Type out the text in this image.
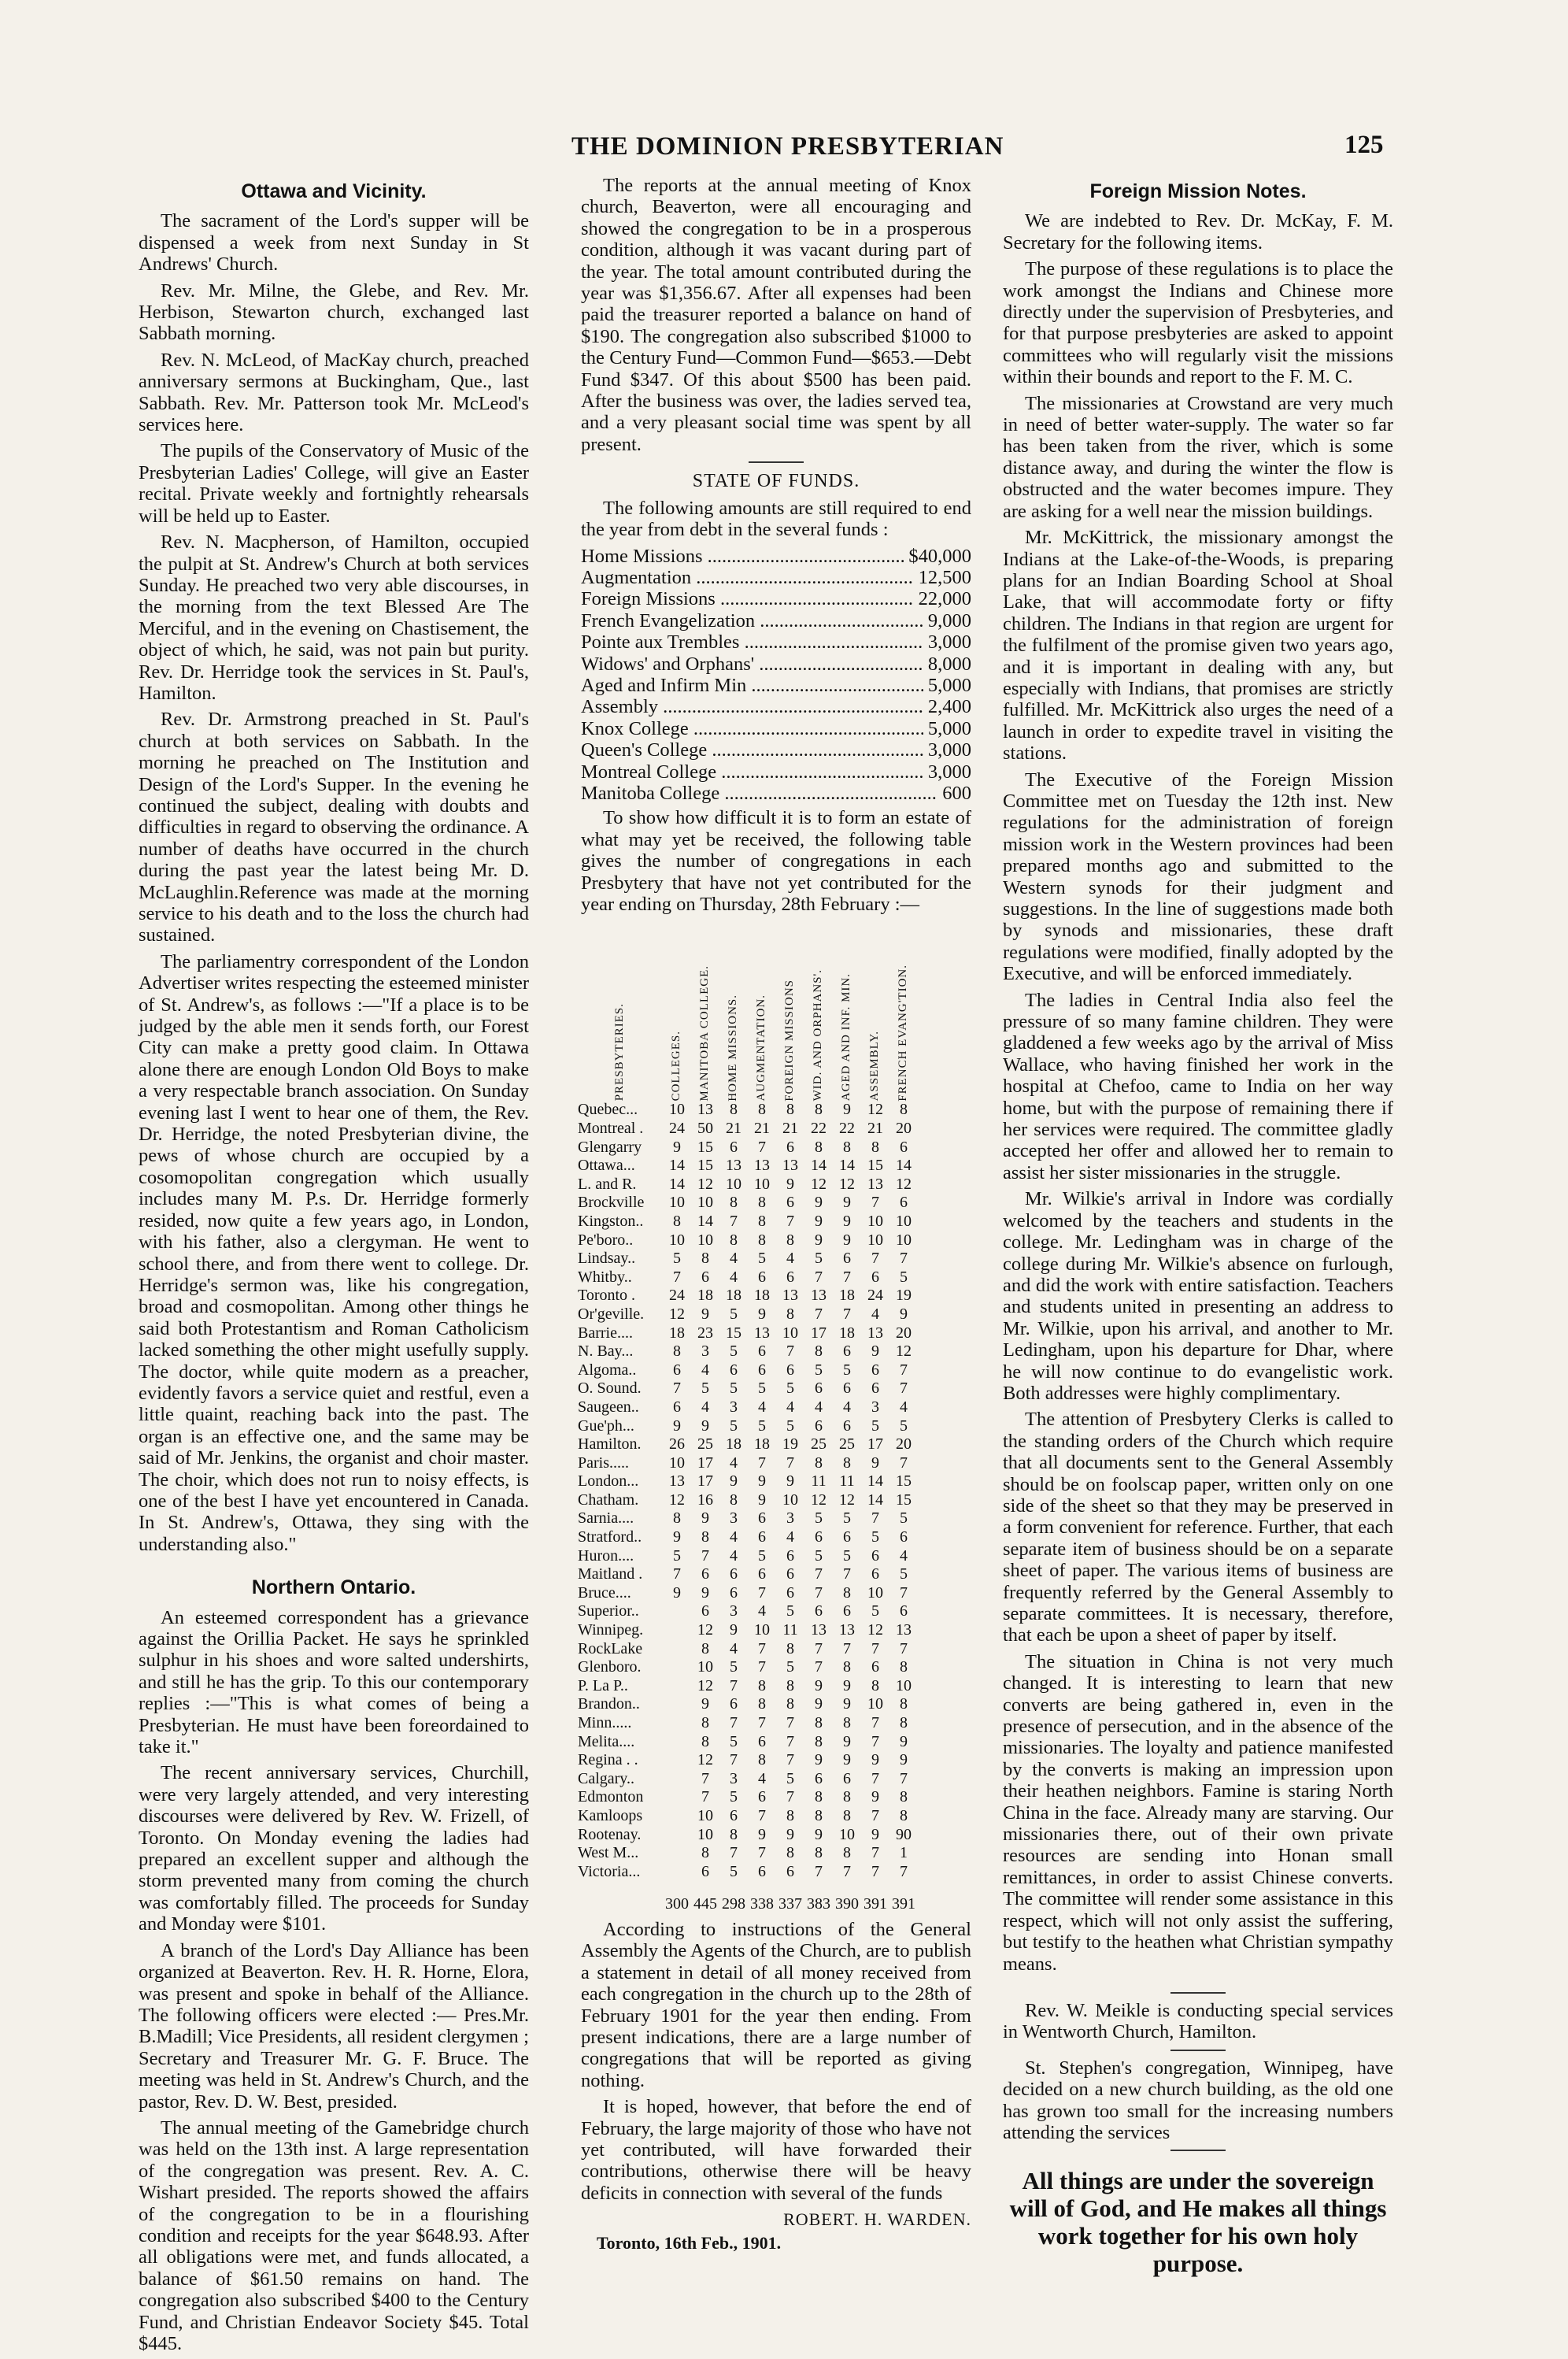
THE DOMINION PRESBYTERIAN	125
Ottawa and Vicinity.

The sacrament of the Lord's supper will be dispensed a week from next Sunday in St Andrews' Church.

Rev. Mr. Milne, the Glebe, and Rev. Mr. Herbison, Stewarton church, exchanged last Sabbath morning.

Rev. N. McLeod, of MacKay church, preached anniversary sermons at Buckingham, Que., last Sabbath. Rev. Mr. Patterson took Mr. McLeod's services here.

The pupils of the Conservatory of Music of the Presbyterian Ladies' College, will give an Easter recital. Private weekly and fortnightly rehearsals will be held up to Easter.

Rev. N. Macpherson, of Hamilton, occupied the pulpit at St. Andrew's Church at both services Sunday. He preached two very able discourses, in the morning from the text Blessed Are The Merciful, and in the evening on Chastisement, the object of which, he said, was not pain but purity. Rev. Dr. Herridge took the services in St. Paul's, Hamilton.

Rev. Dr. Armstrong preached in St. Paul's church at both services on Sabbath. In the morning he preached on The Institution and Design of the Lord's Supper. In the evening he continued the subject, dealing with doubts and difficulties in regard to observing the ordinance. A number of deaths have occurred in the church during the past year the latest being Mr. D. McLaughlin.Reference was made at the morning service to his death and to the loss the church had sustained.

The parliamentry correspondent of the London Advertiser writes respecting the esteemed minister of St. Andrew's, as follows :—"If a place is to be judged by the able men it sends forth, our Forest City can make a pretty good claim. In Ottawa alone there are enough London Old Boys to make a very respectable branch association. On Sunday evening last I went to hear one of them, the Rev. Dr. Herridge, the noted Presbyterian divine, the pews of whose church are occupied by a cosomopolitan congregation which usually includes many M. P.s. Dr. Herridge formerly resided, now quite a few years ago, in London, with his father, also a clergyman. He went to school there, and from there went to college. Dr. Herridge's sermon was, like his congregation, broad and cosmopolitan. Among other things he said both Protestantism and Roman Catholicism lacked something the other might usefully supply. The doctor, while quite modern as a preacher, evidently favors a service quiet and restful, even a little quaint, reaching back into the past. The organ is an effective one, and the same may be said of Mr. Jenkins, the organist and choir master. The choir, which does not run to noisy effects, is one of the best I have yet encountered in Canada. In St. Andrew's, Ottawa, they sing with the understanding also."

Northern Ontario.

An esteemed correspondent has a grievance against the Orillia Packet. He says he sprinkled sulphur in his shoes and wore salted undershirts, and still he has the grip. To this our contemporary replies :—"This is what comes of being a Presbyterian. He must have been foreordained to take it."

The recent anniversary services, Churchill, were very largely attended, and very interesting discourses were delivered by Rev. W. Frizell, of Toronto. On Monday evening the ladies had prepared an excellent supper and although the storm prevented many from coming the church was comfortably filled. The proceeds for Sunday and Monday were $101.

A branch of the Lord's Day Alliance has been organized at Beaverton. Rev. H. R. Horne, Elora, was present and spoke in behalf of the Alliance. The following officers were elected :— Pres.Mr. B.Madill; Vice Presidents, all resident clergymen ; Secretary and Treasurer Mr. G. F. Bruce. The meeting was held in St. Andrew's Church, and the pastor, Rev. D. W. Best, presided.

The annual meeting of the Gamebridge church was held on the 13th inst. A large representation of the congregation was present. Rev. A. C. Wishart presided. The reports showed the affairs of the congregation to be in a flourishing condition and receipts for the year $648.93. After all obligations were met, and funds allocated, a balance of $61.50 remains on hand. The congregation also subscribed $400 to the Century Fund, and Christian Endeavor Society $45. Total $445.

The reports at the annual meeting of Knox church, Beaverton, were all encouraging and showed the congregation to be in a prosperous condition, although it was vacant during part of the year. The total amount contributed during the year was $1,356.67. After all expenses had been paid the treasurer reported a balance on hand of $190. The congregation also subscribed $1000 to the Century Fund—Common Fund—$653.—Debt Fund $347. Of this about $500 has been paid. After the business was over, the ladies served tea, and a very pleasant social time was spent by all present.

STATE OF FUNDS.

The following amounts are still required to end the year from debt in the several funds :

Home Missions .....	$40,000
Augmentation .....	12,500
Foreign Missions .....	22,000
French Evangelization .....	9,000
Pointe aux Trembles .....	3,000
Widows' and Orphans' .....	8,000
Aged and Infirm Min .....	5,000
Assembly .....	2,400
Knox College .....	5,000
Queen's College .....	3,000
Montreal College .....	3,000
Manitoba College .....	600

To show how difficult it is to form an estate of what may yet be received, the following table gives the number of congregations in each Presbytery that have not yet contributed for the year ending on Thursday, 28th February :—

PRESBYTERIES.	COLLEGES.	MANITOBA COLLEGE.	HOME MISSIONS.	AUGMENTATION.	FOREIGN MISSIONS	WID. AND ORPHANS'.	AGED AND INF. MIN.	ASSEMBLY.	FRENCH EVANG'TION.

Quebec...	10	13	8	8	8	8	9	12	8
Montreal .	24	50	21	21	21	22	22	21	20
Glengarry	9	15	6	7	6	8	8	8	6
Ottawa...	14	15	13	13	13	14	14	15	14
L. and R.	14	12	10	10	9	12	12	13	12
Brockville	10	10	8	8	6	9	9	7	6
Kingston..	8	14	7	8	7	9	9	10	10
Pe'boro..	10	10	8	8	8	9	9	10	10
Lindsay..	5	8	4	5	4	5	6	7	7
Whitby..	7	6	4	6	6	7	7	6	5
Toronto .	24	18	18	18	13	13	18	24	19
Or'geville.	12	9	5	9	8	7	7	4	9
Barrie....	18	23	15	13	10	17	18	13	20
N. Bay...	8	3	5	6	7	8	6	9	12
Algoma..	6	4	6	6	6	5	5	6	7
O. Sound.	7	5	5	5	5	6	6	6	7
Saugeen..	6	4	3	4	4	4	4	3	4
Gue'ph...	9	9	5	5	5	6	6	5	5
Hamilton.	26	25	18	18	19	25	25	17	20
Paris.....	10	17	4	7	7	8	8	9	7
London...	13	17	9	9	9	11	11	14	15
Chatham.	12	16	8	9	10	12	12	14	15
Sarnia....	8	9	3	6	3	5	5	7	5
Stratford..	9	8	4	6	4	6	6	5	6
Huron....	5	7	4	5	6	5	5	6	4
Maitland .	7	6	6	6	6	7	7	6	5
Bruce....	9	9	6	7	6	7	8	10	7
Superior..		6	3	4	5	6	6	5	6
Winnipeg.		12	9	10	11	13	13	12	13
RockLake		8	4	7	8	7	7	7	7
Glenboro.		10	5	7	5	7	8	6	8
P. La P..		12	7	8	8	9	9	8	10
Brandon..		9	6	8	8	9	9	10	8
Minn.....		8	7	7	7	8	8	7	8
Melita....		8	5	6	7	8	9	7	9
Regina . .		12	7	8	7	9	9	9	9
Calgary..		7	3	4	5	6	6	7	7
Edmonton		7	5	6	7	8	8	9	8
Kamloops		10	6	7	8	8	8	7	8
Rootenay.		10	8	9	9	9	10	9	90
West M...		8	7	7	8	8	8	7	1
Victoria...		6	5	6	6	7	7	7	7
	300	445	298	338	337	383	390	391	391

According to instructions of the General Assembly the Agents of the Church, are to publish a statement in detail of all money received from each congregation in the church up to the 28th of February 1901 for the year then ending. From present indications, there are a large number of congregations that will be reported as giving nothing.

It is hoped, however, that before the end of February, the large majority of those who have not yet contributed, will have forwarded their contributions, otherwise there will be heavy deficits in connection with several of the funds

ROBERT. H. WARDEN.
Toronto, 16th Feb., 1901.
Foreign Mission Notes.

We are indebted to Rev. Dr. McKay, F. M. Secretary for the following items.

The purpose of these regulations is to place the work amongst the Indians and Chinese more directly under the supervision of Presbyteries, and for that purpose presbyteries are asked to appoint committees who will regularly visit the missions within their bounds and report to the F. M. C.

The missionaries at Crowstand are very much in need of better water-supply. The water so far has been taken from the river, which is some distance away, and during the winter the flow is obstructed and the water becomes impure. They are asking for a well near the mission buildings.

Mr. McKittrick, the missionary amongst the Indians at the Lake-of-the-Woods, is preparing plans for an Indian Boarding School at Shoal Lake, that will accommodate forty or fifty children. The Indians in that region are urgent for the fulfilment of the promise given two years ago, and it is important in dealing with any, but especially with Indians, that promises are strictly fulfilled. Mr. McKittrick also urges the need of a launch in order to expedite travel in visiting the stations.

The Executive of the Foreign Mission Committee met on Tuesday the 12th inst. New regulations for the administration of foreign mission work in the Western provinces had been prepared months ago and submitted to the Western synods for their judgment and suggestions. In the line of suggestions made both by synods and missionaries, these draft regulations were modified, finally adopted by the Executive, and will be enforced immediately.

The ladies in Central India also feel the pressure of so many famine children. They were gladdened a few weeks ago by the arrival of Miss Wallace, who having finished her work in the hospital at Chefoo, came to India on her way home, but with the purpose of remaining there if her services were required. The committee gladly accepted her offer and allowed her to remain to assist her sister missionaries in the struggle.

Mr. Wilkie's arrival in Indore was cordially welcomed by the teachers and students in the college. Mr. Ledingham was in charge of the college during Mr. Wilkie's absence on furlough, and did the work with entire satisfaction. Teachers and students united in presenting an address to Mr. Wilkie, upon his arrival, and another to Mr. Ledingham, upon his departure for Dhar, where he will now continue to do evangelistic work. Both addresses were highly complimentary.

The attention of Presbytery Clerks is called to the standing orders of the Church which require that all documents sent to the General Assembly should be on foolscap paper, written only on one side of the sheet so that they may be preserved in a form convenient for reference. Further, that each separate item of business should be on a separate sheet of paper. The various items of business are frequently referred by the General Assembly to separate committees. It is necessary, therefore, that each be upon a sheet of paper by itself.

The situation in China is not very much changed. It is interesting to learn that new converts are being gathered in, even in the presence of persecution, and in the absence of the missionaries. The loyalty and patience manifested by the converts is making an impression upon their heathen neighbors. Famine is staring North China in the face. Already many are starving. Our missionaries there, out of their own private resources are sending into Honan small remittances, in order to assist Chinese converts. The committee will render some assistance in this respect, which will not only assist the suffering, but testify to the heathen what Christian sympathy means.

Rev. W. Meikle is conducting special services in Wentworth Church, Hamilton.

St. Stephen's congregation, Winnipeg, have decided on a new church building, as the old one has grown too small for the increasing numbers attending the services

All things are under the sovereign will of God, and He makes all things work together for his own holy purpose.
